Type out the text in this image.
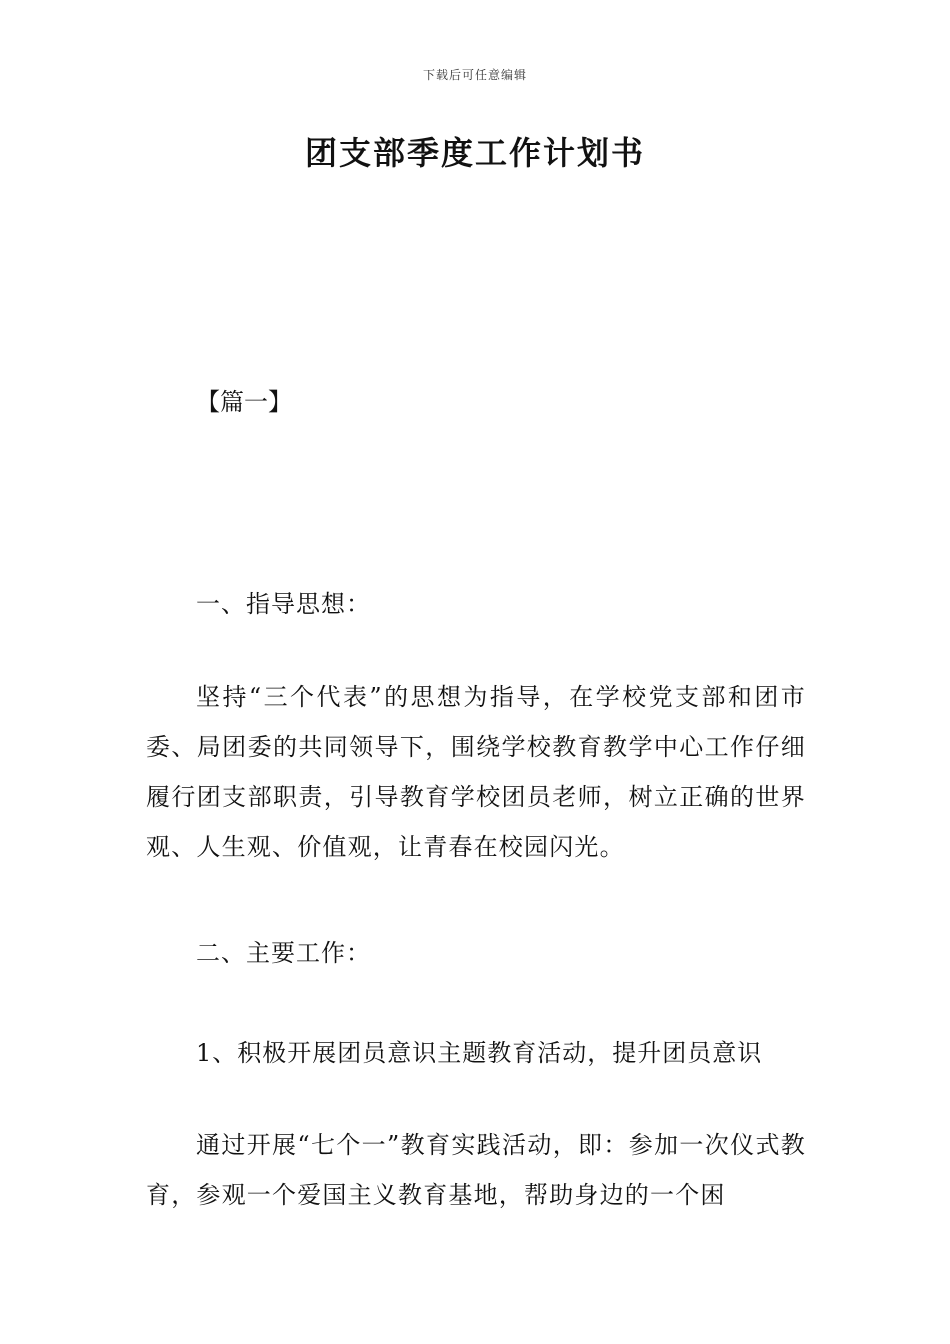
下载后可任意编辑
团支部季度工作计划书
【篇一】
一、指导思想：
坚持“三个代表”的思想为指导，在学校党支部和团市委、局团委的共同领导下，围绕学校教育教学中心工作仔细履行团支部职责，引导教育学校团员老师，树立正确的世界观、人生观、价值观，让青春在校园闪光。
二、主要工作：
1、积极开展团员意识主题教育活动，提升团员意识
通过开展“七个一”教育实践活动，即：参加一次仪式教育，参观一个爱国主义教育基地，帮助身边的一个困
